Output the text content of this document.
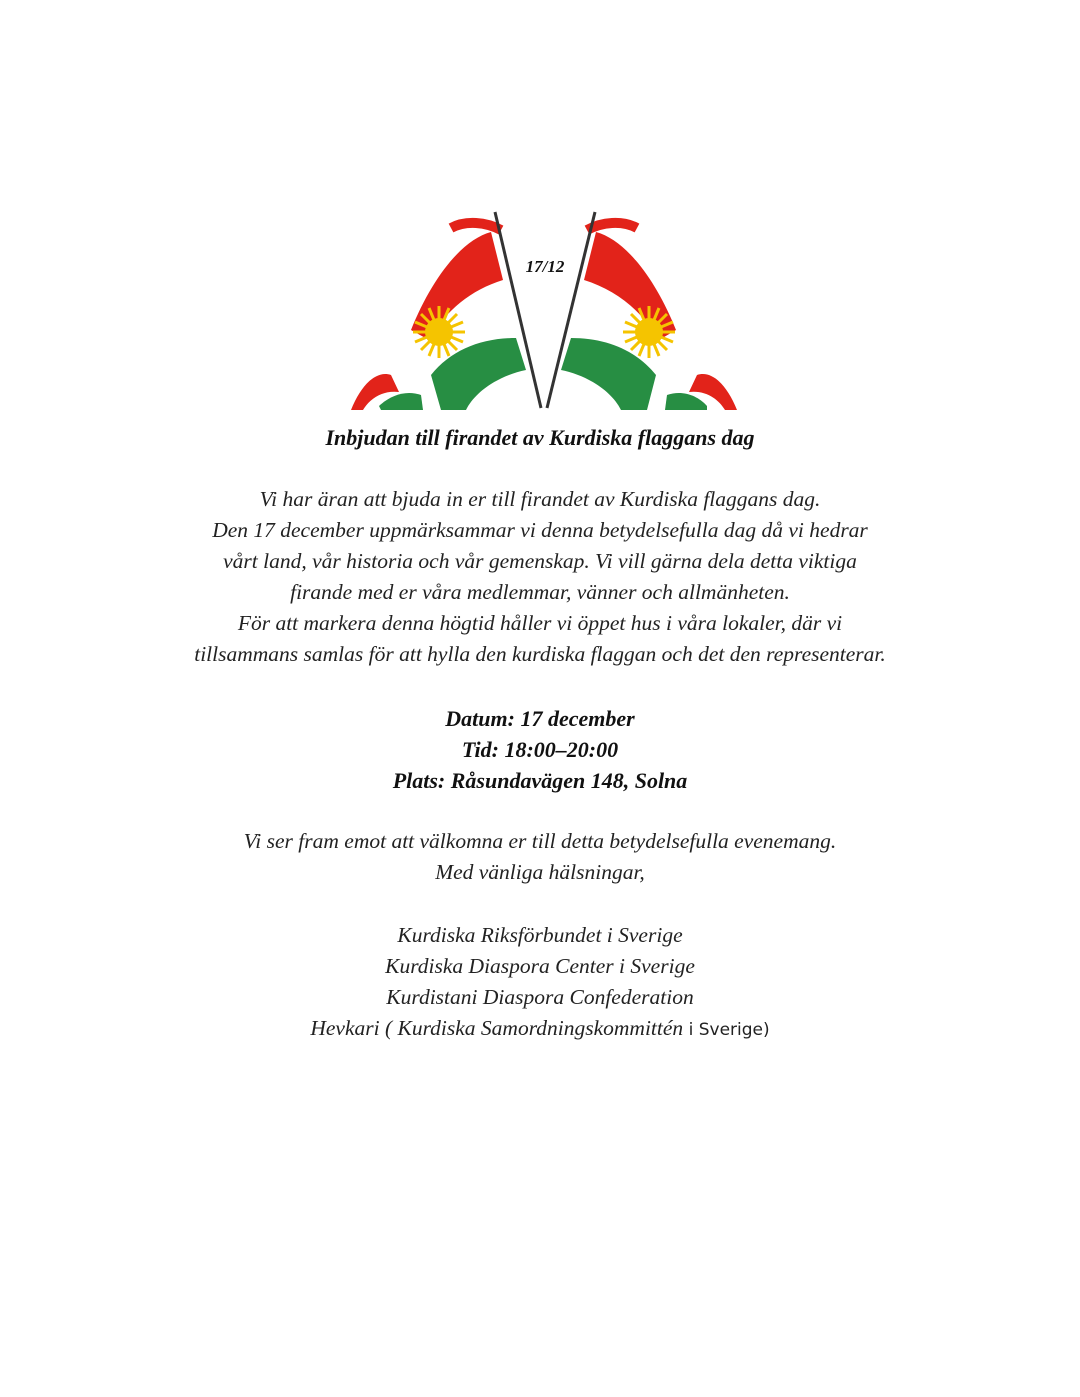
17/12
Inbjudan till firandet av Kurdiska flaggans dag
Vi har äran att bjuda in er till firandet av Kurdiska flaggans dag.
Den 17 december uppmärksammar vi denna betydelsefulla dag då vi hedrar
vårt land, vår historia och vår gemenskap. Vi vill gärna dela detta viktiga
firande med er våra medlemmar, vänner och allmänheten.
För att markera denna högtid håller vi öppet hus i våra lokaler, där vi
tillsammans samlas för att hylla den kurdiska flaggan och det den representerar.
Datum: 17 december
Tid: 18:00–20:00
Plats: Råsundavägen 148, Solna
Vi ser fram emot att välkomna er till detta betydelsefulla evenemang.
Med vänliga hälsningar,
Kurdiska Riksförbundet i Sverige
Kurdiska Diaspora Center i Sverige
Kurdistani Diaspora Confederation
Hevkari ( Kurdiska Samordningskommittén i Sverige)
